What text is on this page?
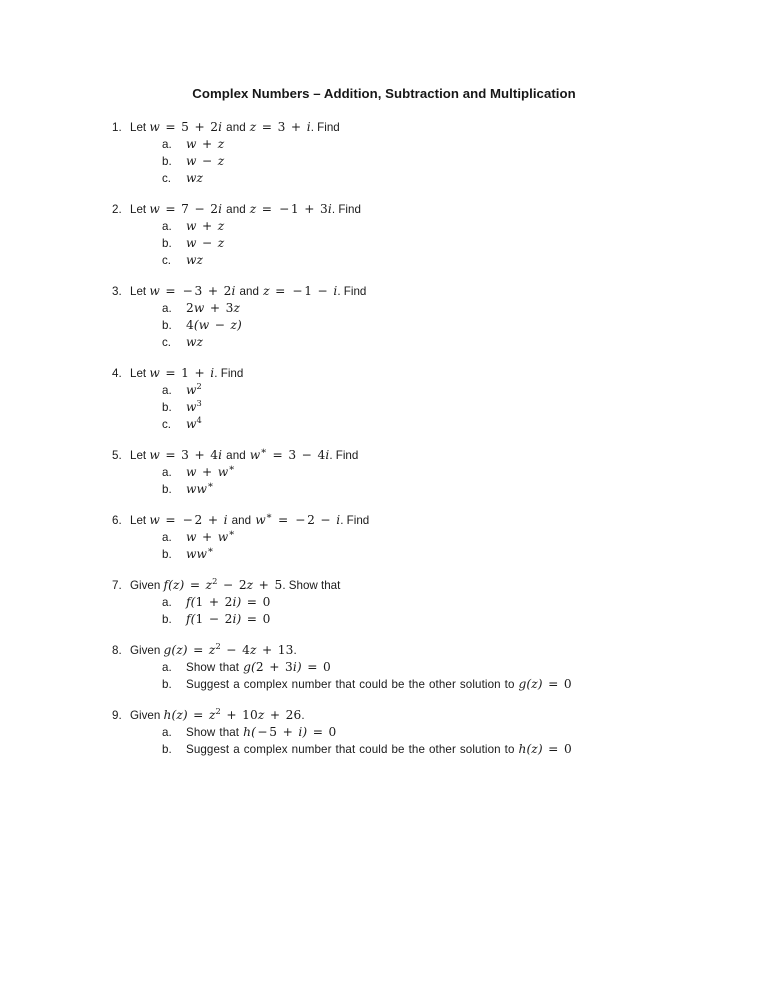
Complex Numbers – Addition, Subtraction and Multiplication
1. Let w = 5 + 2i and z = 3 + i. Find
a.	w + z
b.	w − z
c.	wz
2. Let w = 7 − 2i and z = − 1 + 3i. Find
a.	w + z
b.	w − z
c.	wz
3. Let w = − 3 + 2i and z = − 1 − i. Find
a.	2w + 3z
b.	4(w − z)
c.	wz
4. Let w = 1 + i. Find
a.	$w^2$
b.	$w^3$
c.	$w^4$
5. Let w = 3 + 4i and w∗ = 3 − 4i. Find
a.	w + w∗
b.	ww∗
6. Let w = − 2 + i and w∗ = − 2 − i. Find
a.	w + w∗
b.	ww∗
7. Given $f(z) = z^2 - 2z + 5$. Show that
a.	f(1 + 2i) = 0
b.	f(1 − 2i) = 0
8. Given $g(z) = z^2 - 4z + 13$.
a.	Show that g(2 + 3i) = 0
b.	Suggest a complex number that could be the other solution to g(z) = 0
9. Given $h(z) = z^2 + 10z + 26$.
a.	Show that h( − 5 + i) = 0
b.	Suggest a complex number that could be the other solution to h(z) = 0
